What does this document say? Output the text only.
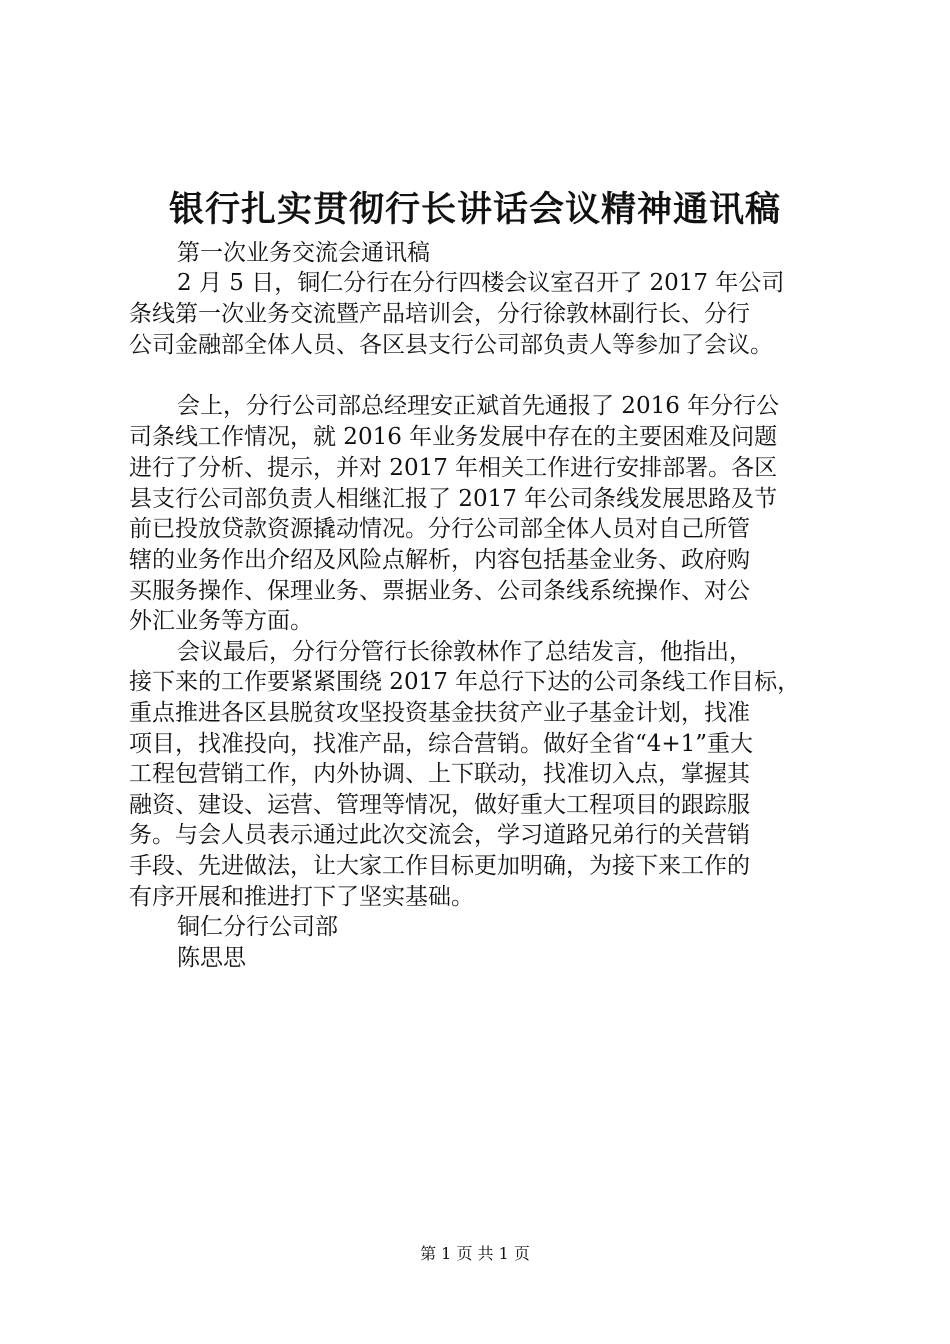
银行扎实贯彻行长讲话会议精神通讯稿

第一次业务交流会通讯稿

2 月 5 日，铜仁分行在分行四楼会议室召开了 2017 年公司

条线第一次业务交流暨产品培训会，分行徐敦林副行长、分行

公司金融部全体人员、各区县支行公司部负责人等参加了会议。

会上，分行公司部总经理安正斌首先通报了 2016 年分行公

司条线工作情况，就 2016 年业务发展中存在的主要困难及问题

进行了分析、提示，并对 2017 年相关工作进行安排部署。各区

县支行公司部负责人相继汇报了 2017 年公司条线发展思路及节

前已投放贷款资源撬动情况。分行公司部全体人员对自己所管

辖的业务作出介绍及风险点解析，内容包括基金业务、政府购

买服务操作、保理业务、票据业务、公司条线系统操作、对公

外汇业务等方面。

会议最后，分行分管行长徐敦林作了总结发言，他指出，

接下来的工作要紧紧围绕 2017 年总行下达的公司条线工作目标，

重点推进各区县脱贫攻坚投资基金扶贫产业子基金计划，找准

项目，找准投向，找准产品，综合营销。做好全省“4+1”重大

工程包营销工作，内外协调、上下联动，找准切入点，掌握其

融资、建设、运营、管理等情况，做好重大工程项目的跟踪服

务。与会人员表示通过此次交流会，学习道路兄弟行的关营销

手段、先进做法，让大家工作目标更加明确，为接下来工作的

有序开展和推进打下了坚实基础。

铜仁分行公司部

陈思思

第 1 页 共 1 页
